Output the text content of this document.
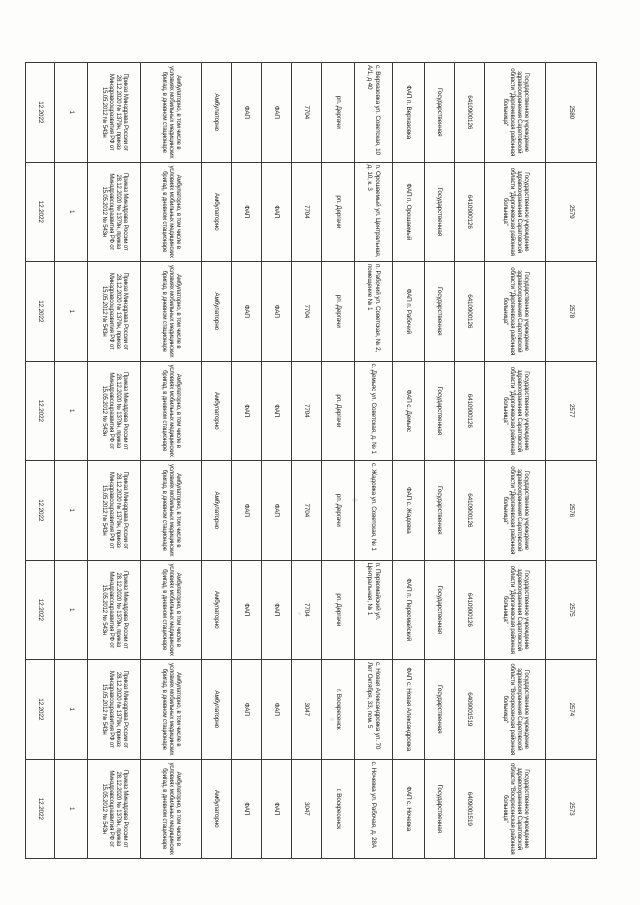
2580	2579	2578	2577	2576	2575	2574	2573
Государственное учреждение здравоохранения Саратовской области "Дергачевская районная больница"	Государственное учреждение здравоохранения Саратовской области "Дергачевская районная больница"	Государственное учреждение здравоохранения Саратовской области "Дергачевская районная больница"	Государственное учреждение здравоохранения Саратовской области "Дергачевская районная больница"	Государственное учреждение здравоохранения Саратовской области "Дергачевская районная больница"	Государственное учреждение здравоохранения Саратовской области "Дергачевская районная больница"	Государственное учреждение здравоохранения Саратовской области "Воскресенская районная больница"	Государственное учреждение здравоохранения Саратовской области "Воскресенская районная больница"
6410900126	6410900126	6410900126	6410900126	6410900126	6410900126	6409001519	6409001519
Государственная	Государственная	Государственная	Государственная	Государственная	Государственная	Государственная	Государственная
ФАП п. Верхазовка	ФАП п. Орошаемый	ФАП п. Рабочий	ФАП с. Демьяс	ФАП с. Жадовка	ФАП п. Первомайский	ФАП с. Новая Александровка	ФАП с. Ночевка
с. Верхазовка ул. Советская, 10 А/1, д 40	п. Орошаемый ул. Центральная, д. 10, к. 3	п. Рабочий ул. Советская, № 2, помещение № 1	с. Демьяс ул. Советская, д. № 1	с. Жадовка ул. Советская, № 1	п. Первомайский ул. Центральная, № 1	с. Новая Александровка ул. 70 Лет Октября, 33, пом. 5	с. Ночевка ул. Рабочая, д. 28А
рп. Дергачи	рп. Дергачи	рп. Дергачи	рп. Дергачи	рп. Дергачи	рп. Дергачи	г. Воскресенск	г. Воскресенск
7704	7704	7704	7704	7704	7704	3047	3047
ФАП	ФАП	ФАП	ФАП	ФАП	ФАП	ФАП	ФАП
ФАП	ФАП	ФАП	ФАП	ФАП	ФАП	ФАП	ФАП
Амбулаторно	Амбулаторно	Амбулаторно	Амбулаторно	Амбулаторно	Амбулаторно	Амбулаторно	Амбулаторно
Амбулаторно, в том числе в условиях мобильных медицинских бригад, в дневном стационаре	Амбулаторно, в том числе в условиях мобильных медицинских бригад, в дневном стационаре	Амбулаторно, в том числе в условиях мобильных медицинских бригад, в дневном стационаре	Амбулаторно, в том числе в условиях мобильных медицинских бригад, в дневном стационаре	Амбулаторно, в том числе в условиях мобильных медицинских бригад, в дневном стационаре	Амбулаторно, в том числе в условиях мобильных медицинских бригад, в дневном стационаре	Амбулаторно, в том числе в условиях мобильных медицинских бригад, в дневном стационаре	Амбулаторно, в том числе в условиях мобильных медицинских бригад, в дневном стационаре
Приказ Минздрава России от 28.12.2020 № 1379н, приказ Минздравсоцразвития РФ от 15.05.2012 № 543н	Приказ Минздрава России от 28.12.2020 № 1379н, приказ Минздравсоцразвития РФ от 15.05.2012 № 543н	Приказ Минздрава России от 28.12.2020 № 1379н, приказ Минздравсоцразвития РФ от 15.05.2012 № 543н	Приказ Минздрава России от 28.12.2020 № 1379н, приказ Минздравсоцразвития РФ от 15.05.2012 № 543н	Приказ Минздрава России от 28.12.2020 № 1379н, приказ Минздравсоцразвития РФ от 15.05.2012 № 543н	Приказ Минздрава России от 28.12.2020 № 1379н, приказ Минздравсоцразвития РФ от 15.05.2012 № 543н	Приказ Минздрава России от 28.12.2020 № 1379н, приказ Минздравсоцразвития РФ от 15.05.2012 № 543н	Приказ Минздрава России от 28.12.2020 № 1379н, приказ Минздравсоцразвития РФ от 15.05.2012 № 543н
1	1	1	1	1	1	1	1
12.2022	12.2022	12.2022	12.2022	12.2022	12.2022	12.2022	12.2022
